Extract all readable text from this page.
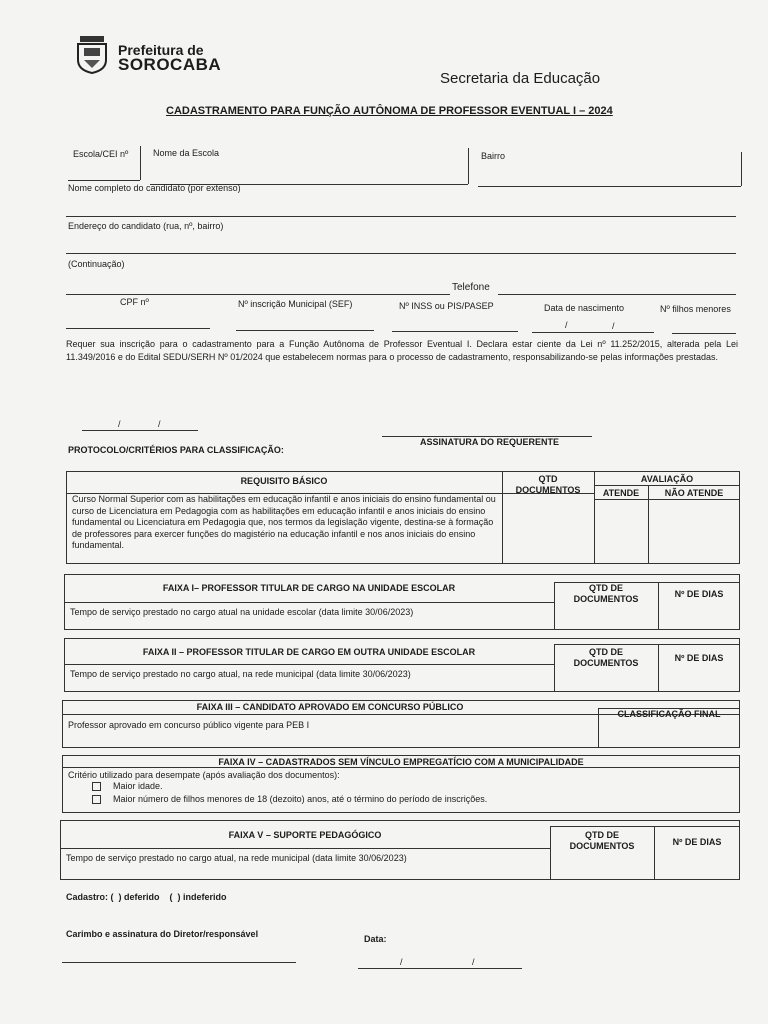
Prefeitura de
SOROCABA
Secretaria da Educação
CADASTRAMENTO PARA FUNÇÃO AUTÔNOMA DE PROFESSOR EVENTUAL I – 2024
Escola/CEI nº	Nome da Escola	Bairro
Nome completo do candidato (por extenso)
Endereço do candidato (rua, nº, bairro)
(Continuação)
Telefone
CPF nº	Nº inscrição Municipal (SEF)	Nº INSS ou PIS/PASEP	Data de nascimento	Nº filhos menores
/	/
Requer sua inscrição para o cadastramento para a Função Autônoma de Professor Eventual I. Declara estar ciente da Lei nº 11.252/2015, alterada pela Lei 11.349/2016 e do Edital SEDU/SERH Nº 01/2024 que estabelecem normas para o processo de cadastramento, responsabilizando-se pelas informações prestadas.
/	/
ASSINATURA DO REQUERENTE
PROTOCOLO/CRITÉRIOS PARA CLASSIFICAÇÃO:
REQUISITO BÁSICO	QTD DOCUMENTOS
AVALIAÇÃO
ATENDE	NÃO ATENDE
Curso Normal Superior com as habilitações em educação infantil e anos iniciais do ensino fundamental ou curso de Licenciatura em Pedagogia com as habilitações em educação infantil e anos iniciais do ensino fundamental ou Licenciatura em Pedagogia que, nos termos da legislação vigente, destina-se à formação de professores para exercer funções do magistério na educação infantil e nos anos iniciais do ensino fundamental.
FAIXA I– PROFESSOR TITULAR DE CARGO NA UNIDADE ESCOLAR	QTD DE DOCUMENTOS	Nº DE DIAS
Tempo de serviço prestado no cargo atual na unidade escolar (data limite 30/06/2023)
FAIXA II – PROFESSOR TITULAR DE CARGO EM OUTRA UNIDADE ESCOLAR	QTD DE DOCUMENTOS	Nº DE DIAS
Tempo de serviço prestado no cargo atual, na rede municipal (data limite 30/06/2023)
FAIXA III – CANDIDATO APROVADO EM CONCURSO PÚBLICO
CLASSIFICAÇÃO FINAL
Professor aprovado em concurso público vigente para PEB I
FAIXA IV – CADASTRADOS SEM VÍNCULO EMPREGATÍCIO COM A MUNICIPALIDADE
Critério utilizado para desempate (após avaliação dos documentos):
Maior idade.
Maior número de filhos menores de 18 (dezoito) anos, até o término do período de inscrições.
FAIXA V – SUPORTE PEDAGÓGICO	QTD DE DOCUMENTOS	Nº DE DIAS
Tempo de serviço prestado no cargo atual, na rede municipal (data limite 30/06/2023)
Cadastro: (  ) deferido    (  ) indeferido
Carimbo e assinatura do Diretor/responsável	Data:
/	/
